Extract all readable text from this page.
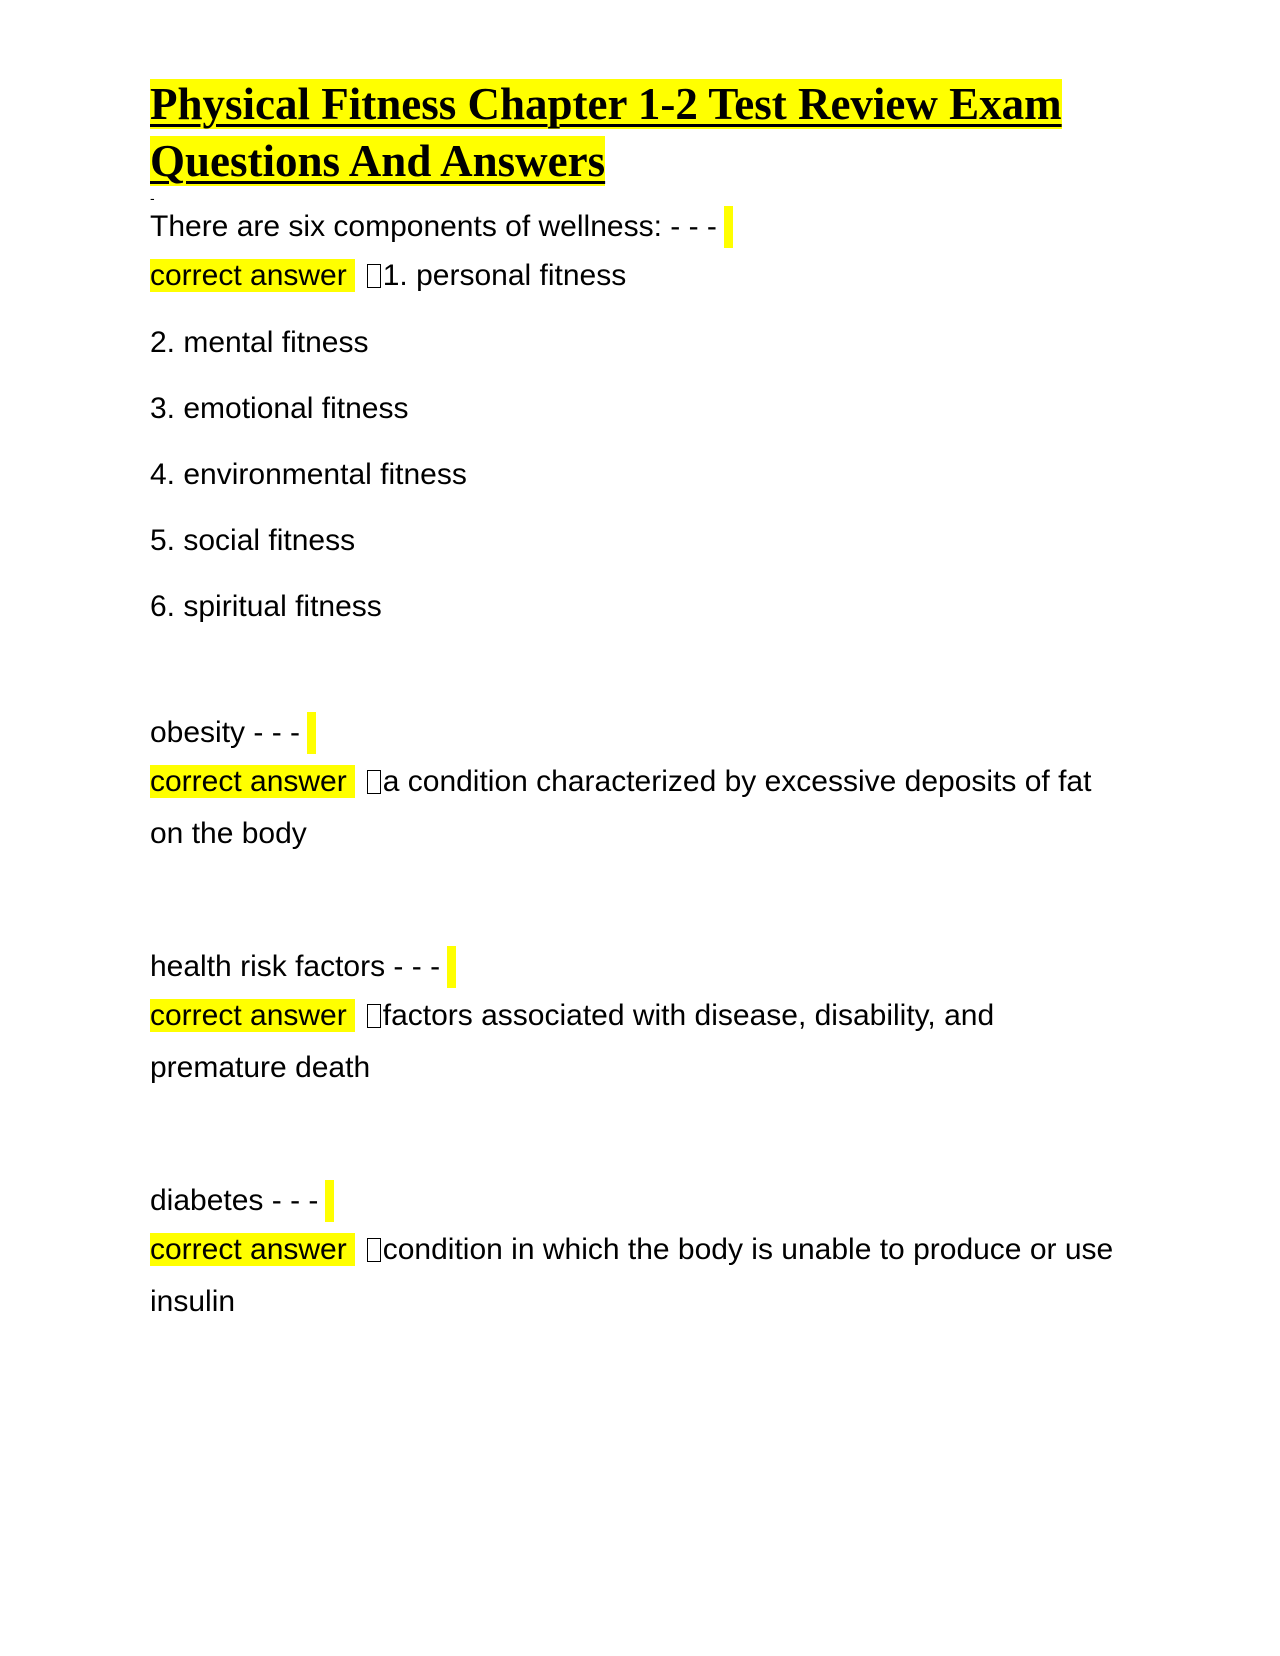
Physical Fitness Chapter 1-2 Test Review Exam Questions And Answers
-
There are six components of wellness: - - -
correct answer 1. personal fitness
2. mental fitness
3. emotional fitness
4. environmental fitness
5. social fitness
6. spiritual fitness
obesity - - -
correct answer a condition characterized by excessive deposits of fat on the body
health risk factors - - -
correct answer factors associated with disease, disability, and premature death
diabetes - - -
correct answer condition in which the body is unable to produce or use insulin
